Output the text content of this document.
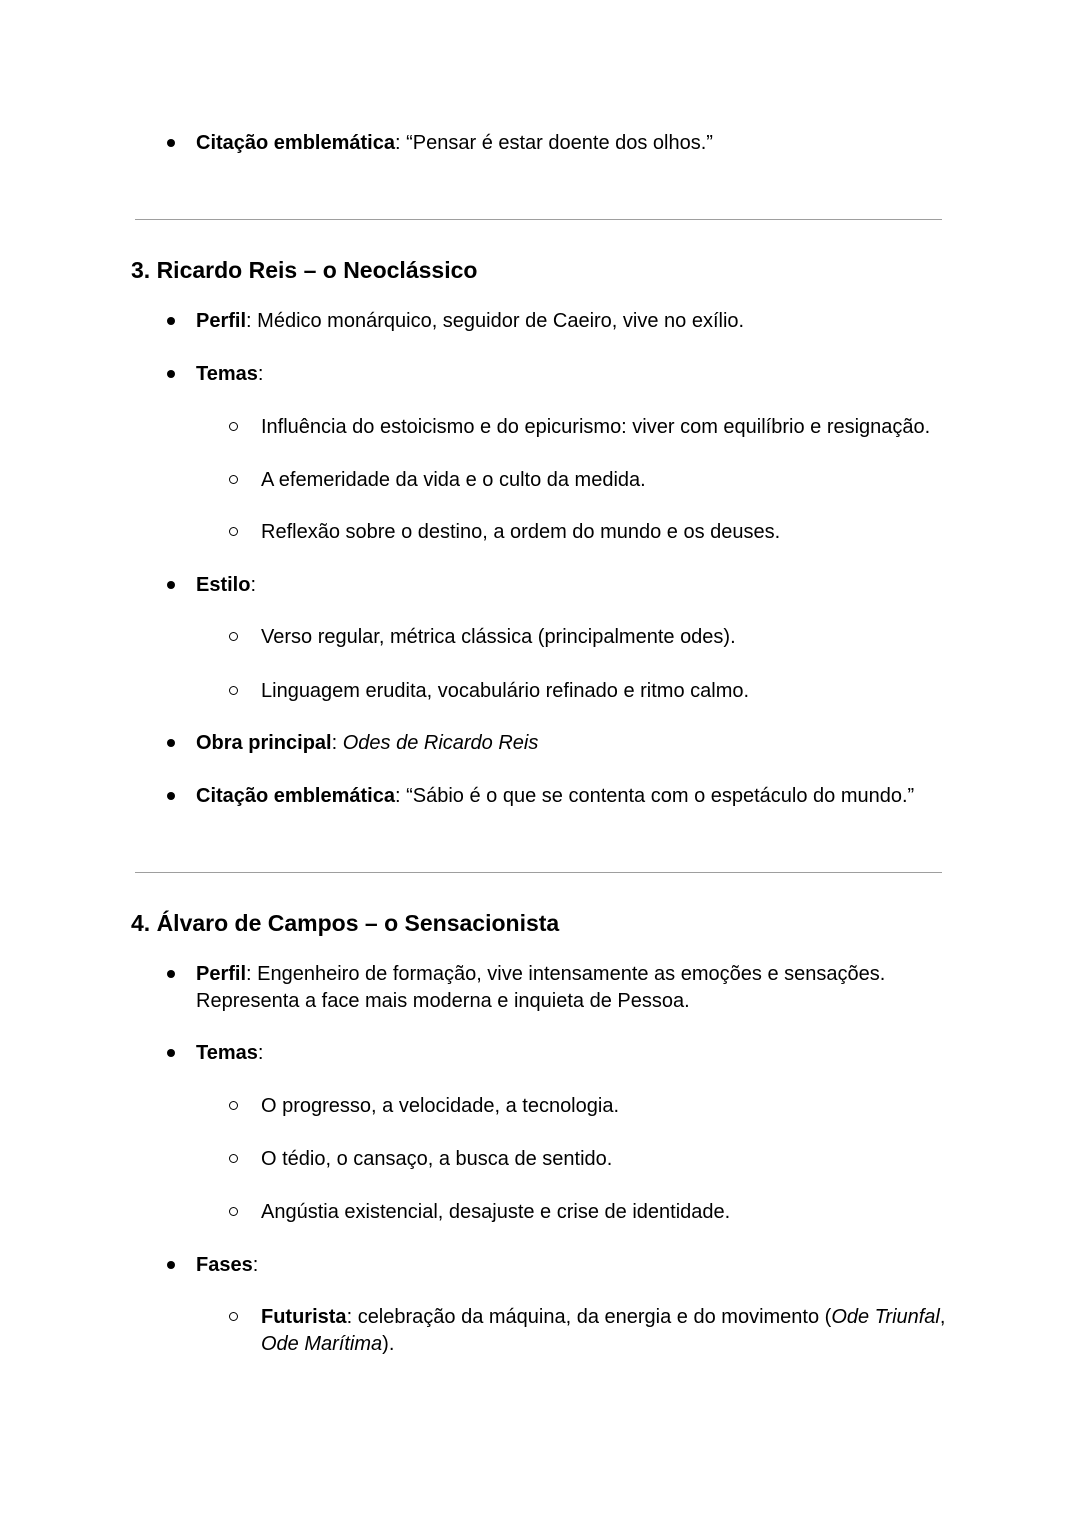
Citação emblemática: “Pensar é estar doente dos olhos.”
3. Ricardo Reis – o Neoclássico
Perfil: Médico monárquico, seguidor de Caeiro, vive no exílio.
Temas:
Influência do estoicismo e do epicurismo: viver com equilíbrio e resignação.
A efemeridade da vida e o culto da medida.
Reflexão sobre o destino, a ordem do mundo e os deuses.
Estilo:
Verso regular, métrica clássica (principalmente odes).
Linguagem erudita, vocabulário refinado e ritmo calmo.
Obra principal: Odes de Ricardo Reis
Citação emblemática: “Sábio é o que se contenta com o espetáculo do mundo.”
4. Álvaro de Campos – o Sensacionista
Perfil: Engenheiro de formação, vive intensamente as emoções e sensações.
Representa a face mais moderna e inquieta de Pessoa.
Temas:
O progresso, a velocidade, a tecnologia.
O tédio, o cansaço, a busca de sentido.
Angústia existencial, desajuste e crise de identidade.
Fases:
Futurista: celebração da máquina, da energia e do movimento (Ode Triunfal,
Ode Marítima).
